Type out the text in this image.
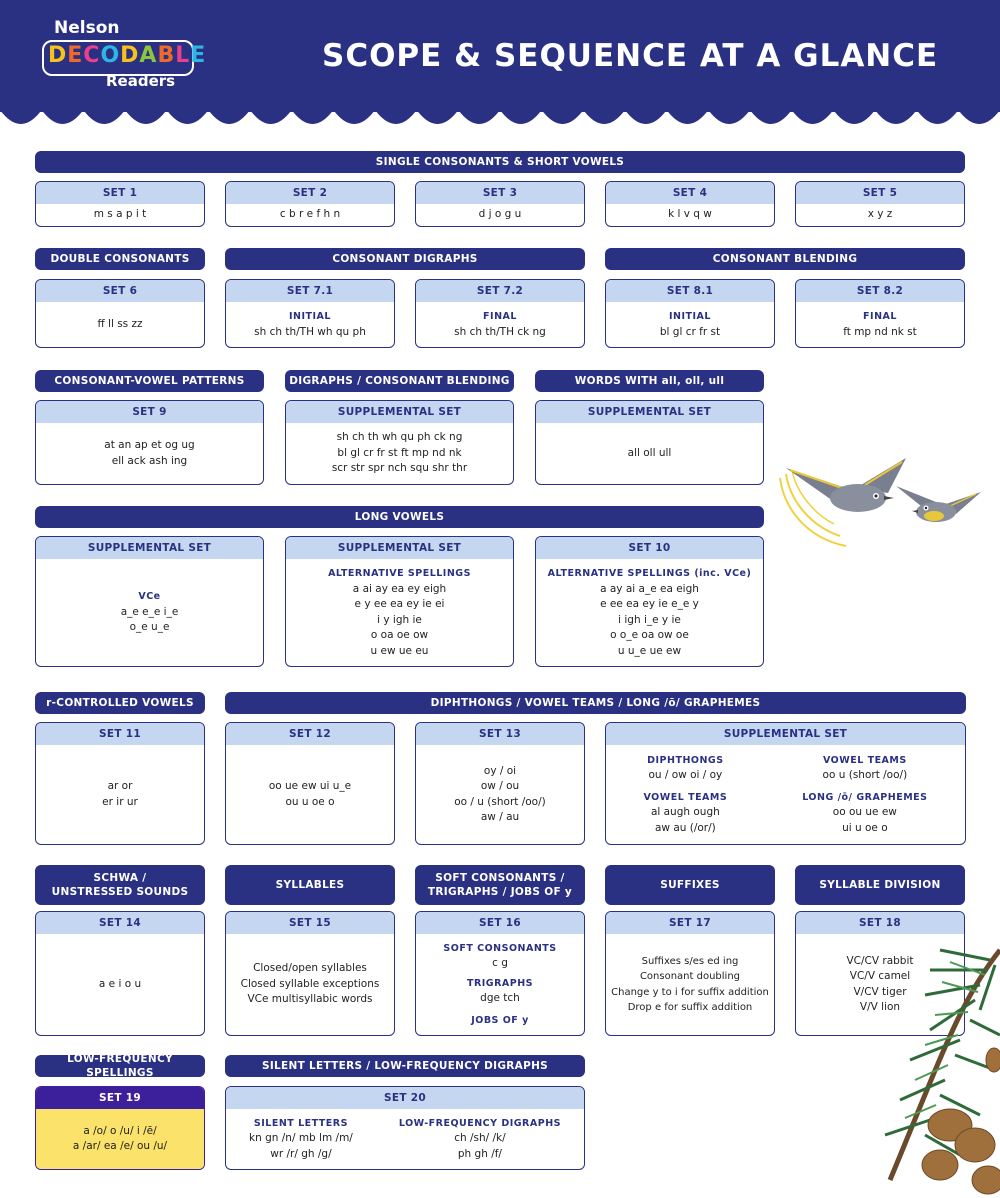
Nelson
DECODABLE
Readers
SCOPE & SEQUENCE AT A GLANCE
SINGLE CONSONANTS & SHORT VOWELS
SET 1
m s a p i t
SET 2
c b r e f h n
SET 3
d j o g u
SET 4
k l v q w
SET 5
x y z
DOUBLE CONSONANTS	CONSONANT DIGRAPHS	CONSONANT BLENDING
SET 6
ff ll ss zz
SET 7.1
INITIAL
sh ch th/TH wh qu ph
SET 7.2
FINAL
sh ch th/TH ck ng
SET 8.1
INITIAL
bl gl cr fr st
SET 8.2
FINAL
ft mp nd nk st
CONSONANT-VOWEL PATTERNS	DIGRAPHS / CONSONANT BLENDING	WORDS WITH all, oll, ull
SET 9
at an ap et og ug
ell ack ash ing
SUPPLEMENTAL SET
sh ch th wh qu ph ck ng
bl gl cr fr st ft mp nd nk
scr str spr nch squ shr thr
SUPPLEMENTAL SET
all oll ull
LONG VOWELS
SUPPLEMENTAL SET
VCe
a_e e_e i_e
o_e u_e
SUPPLEMENTAL SET
ALTERNATIVE SPELLINGS
a ai ay ea ey eigh
e y ee ea ey ie ei
i y igh ie
o oa oe ow
u ew ue eu
SET 10
ALTERNATIVE SPELLINGS (inc. VCe)
a ay ai a_e ea eigh
e ee ea ey ie e_e y
i igh i_e y ie
o o_e oa ow oe
u u_e ue ew
r-CONTROLLED VOWELS	DIPHTHONGS / VOWEL TEAMS / LONG /ō/ GRAPHEMES
SET 11
ar or
er ir ur
SET 12
oo ue ew ui u_e
ou u oe o
SET 13
oy / oi
ow / ou
oo / u (short /oo/)
aw / au
SUPPLEMENTAL SET
DIPHTHONGS
ou / ow oi / oy
VOWEL TEAMS
al augh ough
aw au (/or/)
VOWEL TEAMS
oo u (short /oo/)
LONG /ō/ GRAPHEMES
oo ou ue ew
ui u oe o
SCHWA /
UNSTRESSED SOUNDS
SYLLABLES
SOFT CONSONANTS /
TRIGRAPHS / JOBS OF y
SUFFIXES	SYLLABLE DIVISION
SET 14
a e i o u
SET 15
Closed/open syllables
Closed syllable exceptions
VCe multisyllabic words
SET 16
SOFT CONSONANTS
c g
TRIGRAPHS
dge tch
JOBS OF y
SET 17
Suffixes s/es ed ing
Consonant doubling
Change y to i for suffix addition
Drop e for suffix addition
SET 18
VC/CV rabbit
VC/V camel
V/CV tiger
V/V lion
LOW-FREQUENCY SPELLINGS
SILENT LETTERS / LOW-FREQUENCY DIGRAPHS
SET 19
a /o/ o /u/ i /ē/
a /ar/ ea /e/ ou /u/
SET 20
SILENT LETTERS
kn gn /n/ mb lm /m/
wr /r/ gh /g/
LOW-FREQUENCY DIGRAPHS
ch /sh/ /k/
ph gh /f/
